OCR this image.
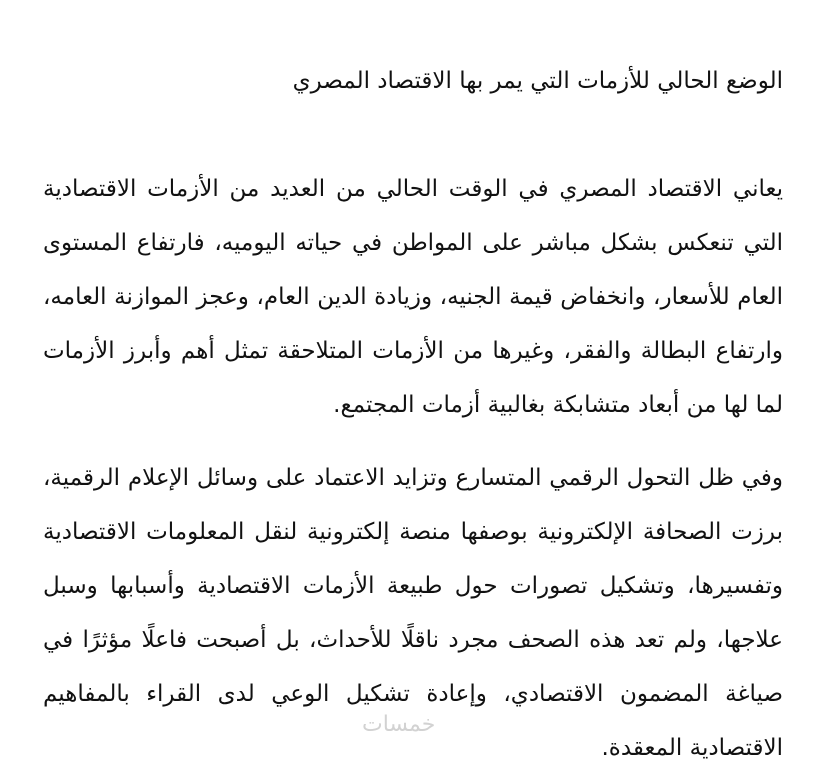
الوضع الحالي للأزمات التي يمر بها الاقتصاد المصري

يعاني الاقتصاد المصري في الوقت الحالي من العديد من الأزمات الاقتصادية التي تنعكس بشكل مباشر على المواطن في حياته اليوميه، فارتفاع المستوى العام للأسعار، وانخفاض قيمة الجنيه، وزيادة الدين العام، وعجز الموازنة العامه، وارتفاع البطالة والفقر، وغيرها من الأزمات المتلاحقة تمثل أهم وأبرز الأزمات لما لها من أبعاد متشابكة بغالبية أزمات المجتمع.

وفي ظل التحول الرقمي المتسارع وتزايد الاعتماد على وسائل الإعلام الرقمية، برزت الصحافة الإلكترونية بوصفها منصة إلكترونية لنقل المعلومات الاقتصادية وتفسيرها، وتشكيل تصورات حول طبيعة الأزمات الاقتصادية وأسبابها وسبل علاجها، ولم تعد هذه الصحف مجرد ناقلًا للأحداث، بل أصبحت فاعلًا مؤثرًا في صياغة المضمون الاقتصادي، وإعادة تشكيل الوعي لدى القراء بالمفاهيم الاقتصادية المعقدة.

خمسات
